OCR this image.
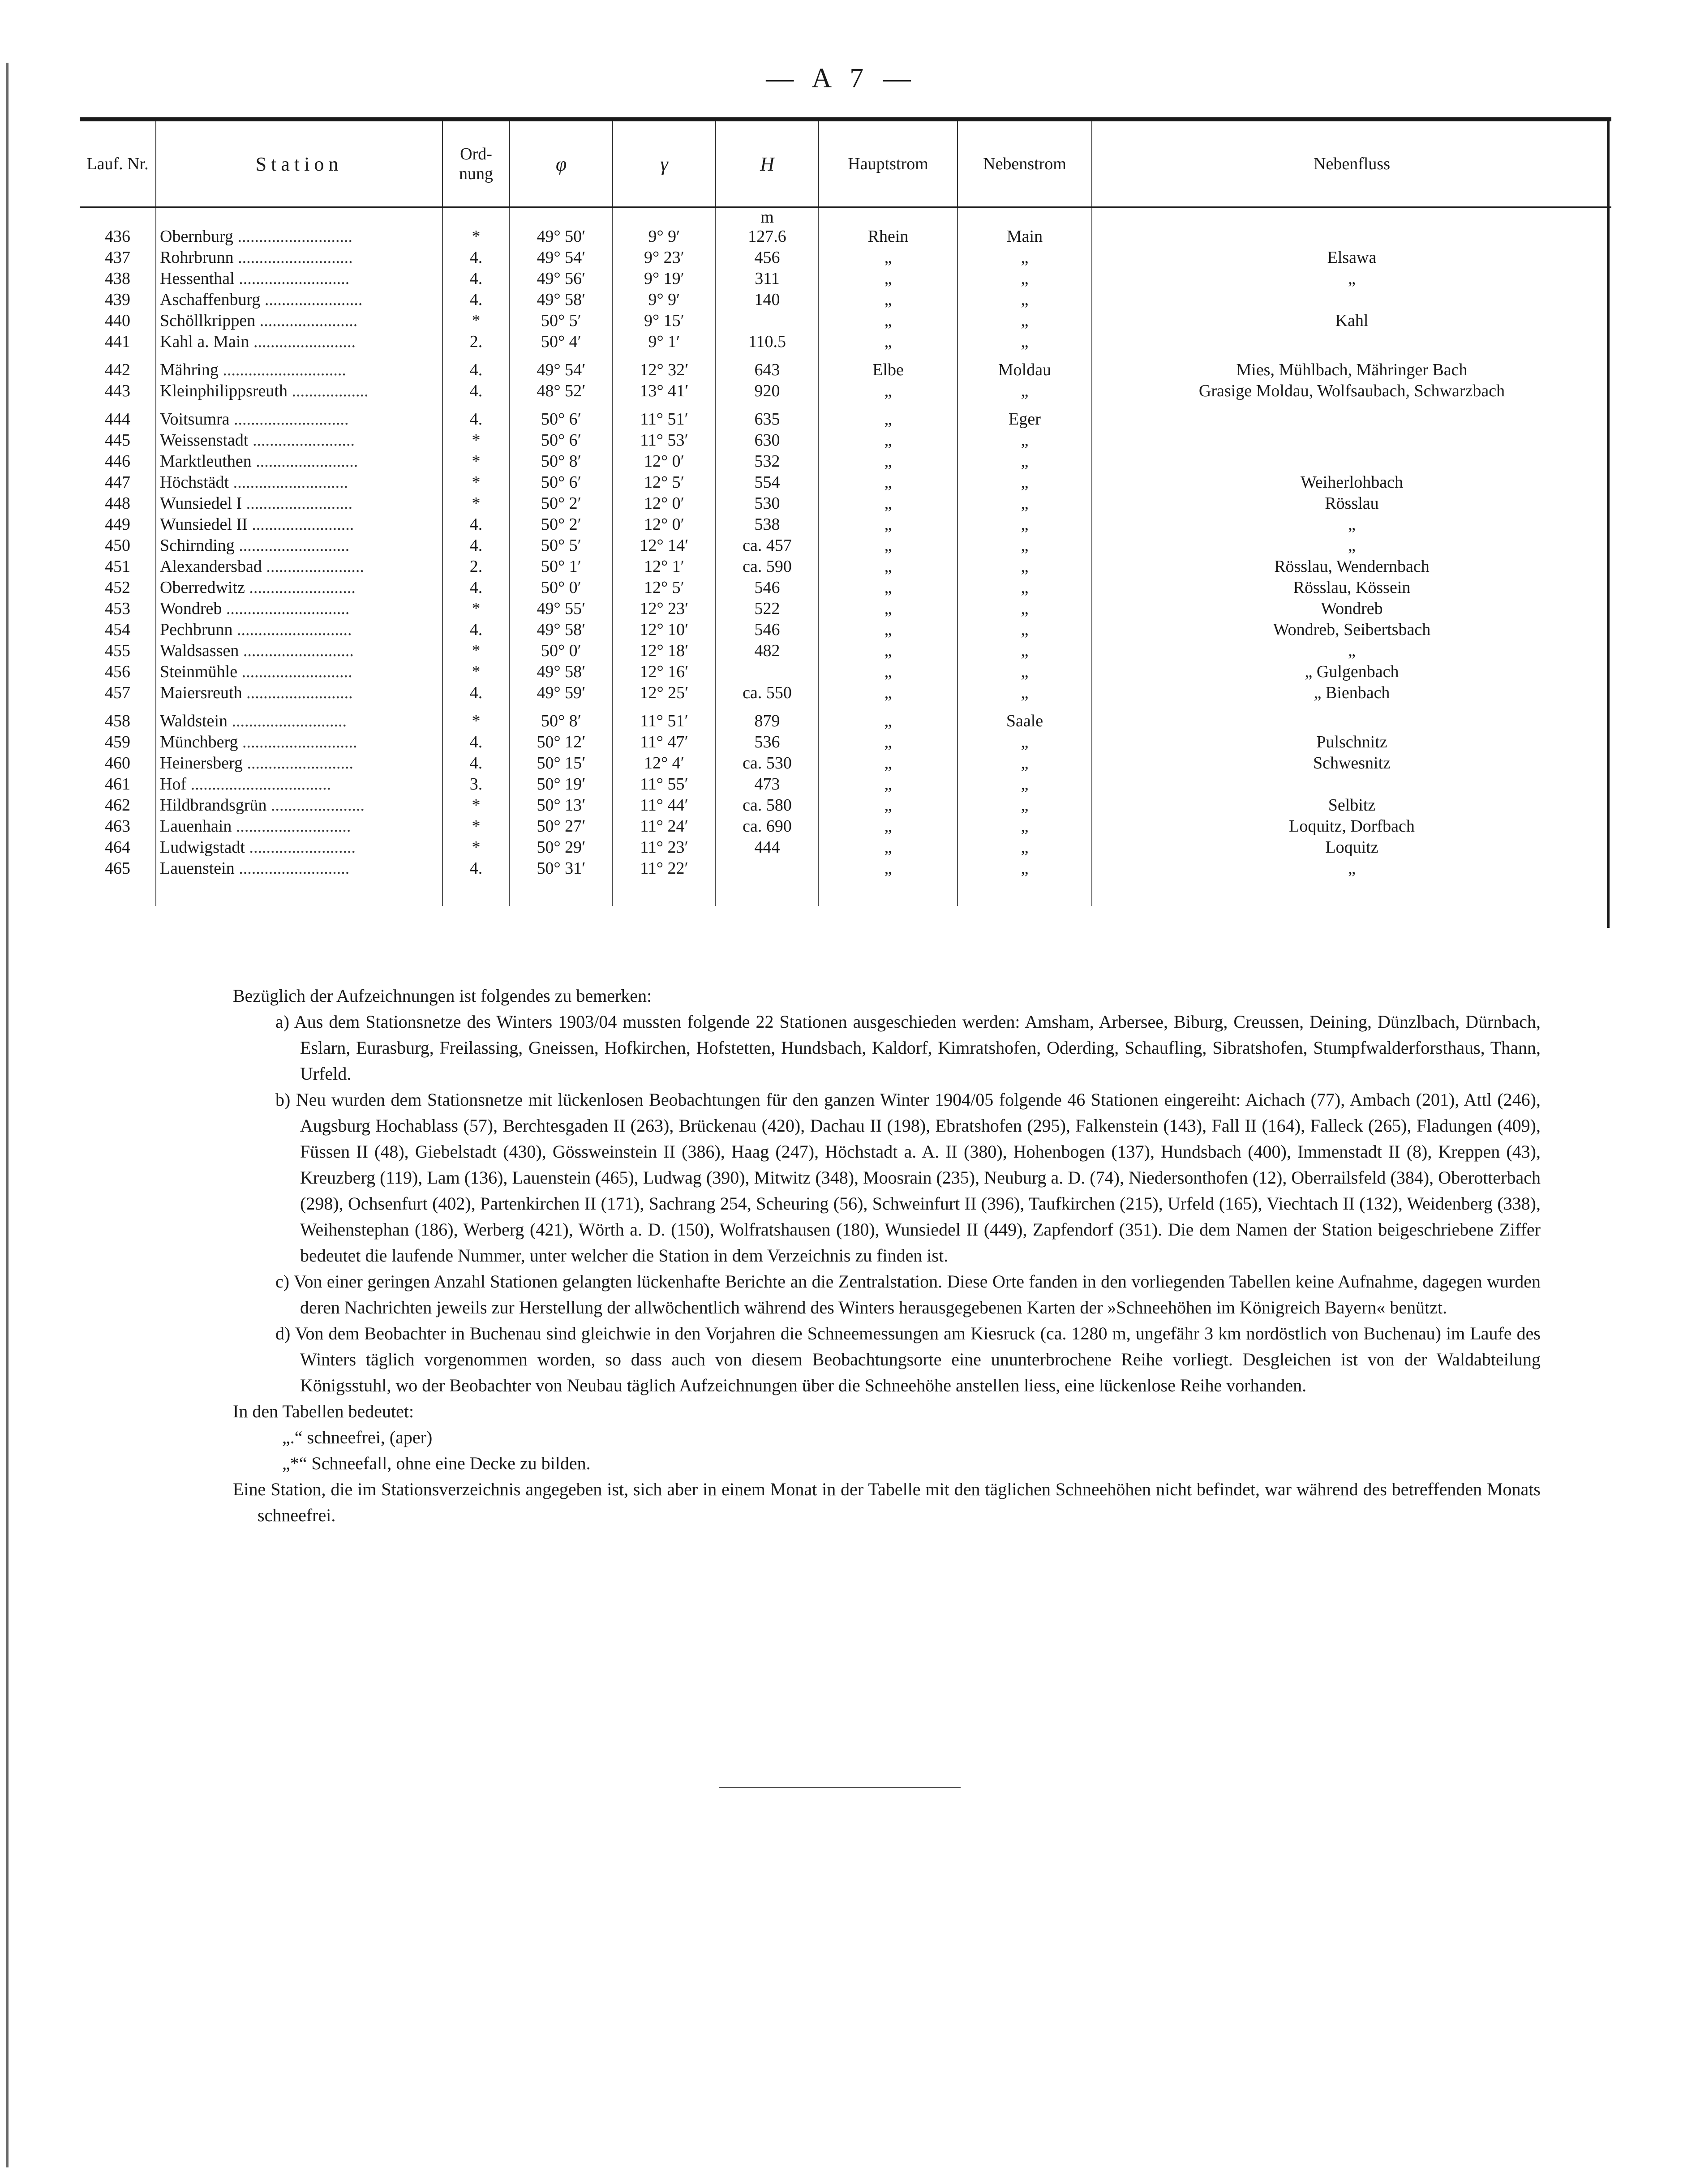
— A 7 —
Lauf. Nr.	Station	Ord- nung	φ	γ	H	Hauptstrom	Nebenstrom	Nebenfluss
					m			
436	Obernburg ...........................	*	49° 50′	9° 9′	127.6	Rhein	Main	
437	Rohrbrunn ...........................	4.	49° 54′	9° 23′	456	„	„	Elsawa
438	Hessenthal ..........................	4.	49° 56′	9° 19′	311	„	„	„
439	Aschaffenburg .......................	4.	49° 58′	9° 9′	140	„	„	
440	Schöllkrippen .......................	*	50° 5′	9° 15′		„	„	Kahl
441	Kahl a. Main ........................	2.	50° 4′	9° 1′	110.5	„	„	
442	Mähring .............................	4.	49° 54′	12° 32′	643	Elbe	Moldau	Mies, Mühlbach, Mähringer Bach
443	Kleinphilippsreuth ..................	4.	48° 52′	13° 41′	920	„	„	Grasige Moldau, Wolfsaubach, Schwarzbach
444	Voitsumra ...........................	4.	50° 6′	11° 51′	635	„	Eger	
445	Weissenstadt ........................	*	50° 6′	11° 53′	630	„	„	
446	Marktleuthen ........................	*	50° 8′	12° 0′	532	„	„	
447	Höchstädt ...........................	*	50° 6′	12° 5′	554	„	„	Weiherlohbach
448	Wunsiedel I .........................	*	50° 2′	12° 0′	530	„	„	Rösslau
449	Wunsiedel II ........................	4.	50° 2′	12° 0′	538	„	„	„
450	Schirnding ..........................	4.	50° 5′	12° 14′	ca. 457	„	„	„
451	Alexandersbad .......................	2.	50° 1′	12° 1′	ca. 590	„	„	Rösslau, Wendernbach
452	Oberredwitz .........................	4.	50° 0′	12° 5′	546	„	„	Rösslau, Kössein
453	Wondreb .............................	*	49° 55′	12° 23′	522	„	„	Wondreb
454	Pechbrunn ...........................	4.	49° 58′	12° 10′	546	„	„	Wondreb, Seibertsbach
455	Waldsassen ..........................	*	50° 0′	12° 18′	482	„	„	„
456	Steinmühle ..........................	*	49° 58′	12° 16′		„	„	„ Gulgenbach
457	Maiersreuth .........................	4.	49° 59′	12° 25′	ca. 550	„	„	„ Bienbach
458	Waldstein ...........................	*	50° 8′	11° 51′	879	„	Saale	
459	Münchberg ...........................	4.	50° 12′	11° 47′	536	„	„	Pulschnitz
460	Heinersberg .........................	4.	50° 15′	12° 4′	ca. 530	„	„	Schwesnitz
461	Hof .................................	3.	50° 19′	11° 55′	473	„	„	
462	Hildbrandsgrün ......................	*	50° 13′	11° 44′	ca. 580	„	„	Selbitz
463	Lauenhain ...........................	*	50° 27′	11° 24′	ca. 690	„	„	Loquitz, Dorfbach
464	Ludwigstadt .........................	*	50° 29′	11° 23′	444	„	„	Loquitz
465	Lauenstein ..........................	4.	50° 31′	11° 22′		„	„	„

Bezüglich der Aufzeichnungen ist folgendes zu bemerken:

a) Aus dem Stationsnetze des Winters 1903/04 mussten folgende 22 Stationen ausgeschieden werden: Amsham, Arbersee, Biburg, Creussen, Deining, Dünzlbach, Dürnbach, Eslarn, Eurasburg, Freilassing, Gneissen, Hofkirchen, Hofstetten, Hundsbach, Kaldorf, Kimratshofen, Oderding, Schaufling, Sibratshofen, Stumpfwalderforsthaus, Thann, Urfeld.

b) Neu wurden dem Stationsnetze mit lückenlosen Beobachtungen für den ganzen Winter 1904/05 folgende 46 Stationen eingereiht: Aichach (77), Ambach (201), Attl (246), Augsburg Hochablass (57), Berchtesgaden II (263), Brückenau (420), Dachau II (198), Ebratshofen (295), Falkenstein (143), Fall II (164), Falleck (265), Fladungen (409), Füssen II (48), Giebelstadt (430), Gössweinstein II (386), Haag (247), Höchstadt a. A. II (380), Hohenbogen (137), Hundsbach (400), Immenstadt II (8), Kreppen (43), Kreuzberg (119), Lam (136), Lauenstein (465), Ludwag (390), Mitwitz (348), Moosrain (235), Neuburg a. D. (74), Niedersonthofen (12), Oberrailsfeld (384), Oberotterbach (298), Ochsenfurt (402), Partenkirchen II (171), Sachrang 254, Scheuring (56), Schweinfurt II (396), Taufkirchen (215), Urfeld (165), Viechtach II (132), Weidenberg (338), Weihenstephan (186), Werberg (421), Wörth a. D. (150), Wolfratshausen (180), Wunsiedel II (449), Zapfendorf (351). Die dem Namen der Station beigeschriebene Ziffer bedeutet die laufende Nummer, unter welcher die Station in dem Verzeichnis zu finden ist.

c) Von einer geringen Anzahl Stationen gelangten lückenhafte Berichte an die Zentralstation. Diese Orte fanden in den vorliegenden Tabellen keine Aufnahme, dagegen wurden deren Nachrichten jeweils zur Herstellung der allwöchentlich während des Winters herausgegebenen Karten der »Schneehöhen im Königreich Bayern« benützt.

d) Von dem Beobachter in Buchenau sind gleichwie in den Vorjahren die Schneemessungen am Kiesruck (ca. 1280 m, ungefähr 3 km nordöstlich von Buchenau) im Laufe des Winters täglich vorgenommen worden, so dass auch von diesem Beobachtungsorte eine ununterbrochene Reihe vorliegt. Desgleichen ist von der Waldabteilung Königsstuhl, wo der Beobachter von Neubau täglich Aufzeichnungen über die Schneehöhe anstellen liess, eine lückenlose Reihe vorhanden.

In den Tabellen bedeutet:

„.“ schneefrei, (aper)

„*“ Schneefall, ohne eine Decke zu bilden.

Eine Station, die im Stationsverzeichnis angegeben ist, sich aber in einem Monat in der Tabelle mit den täglichen Schneehöhen nicht befindet, war während des betreffenden Monats schneefrei.
